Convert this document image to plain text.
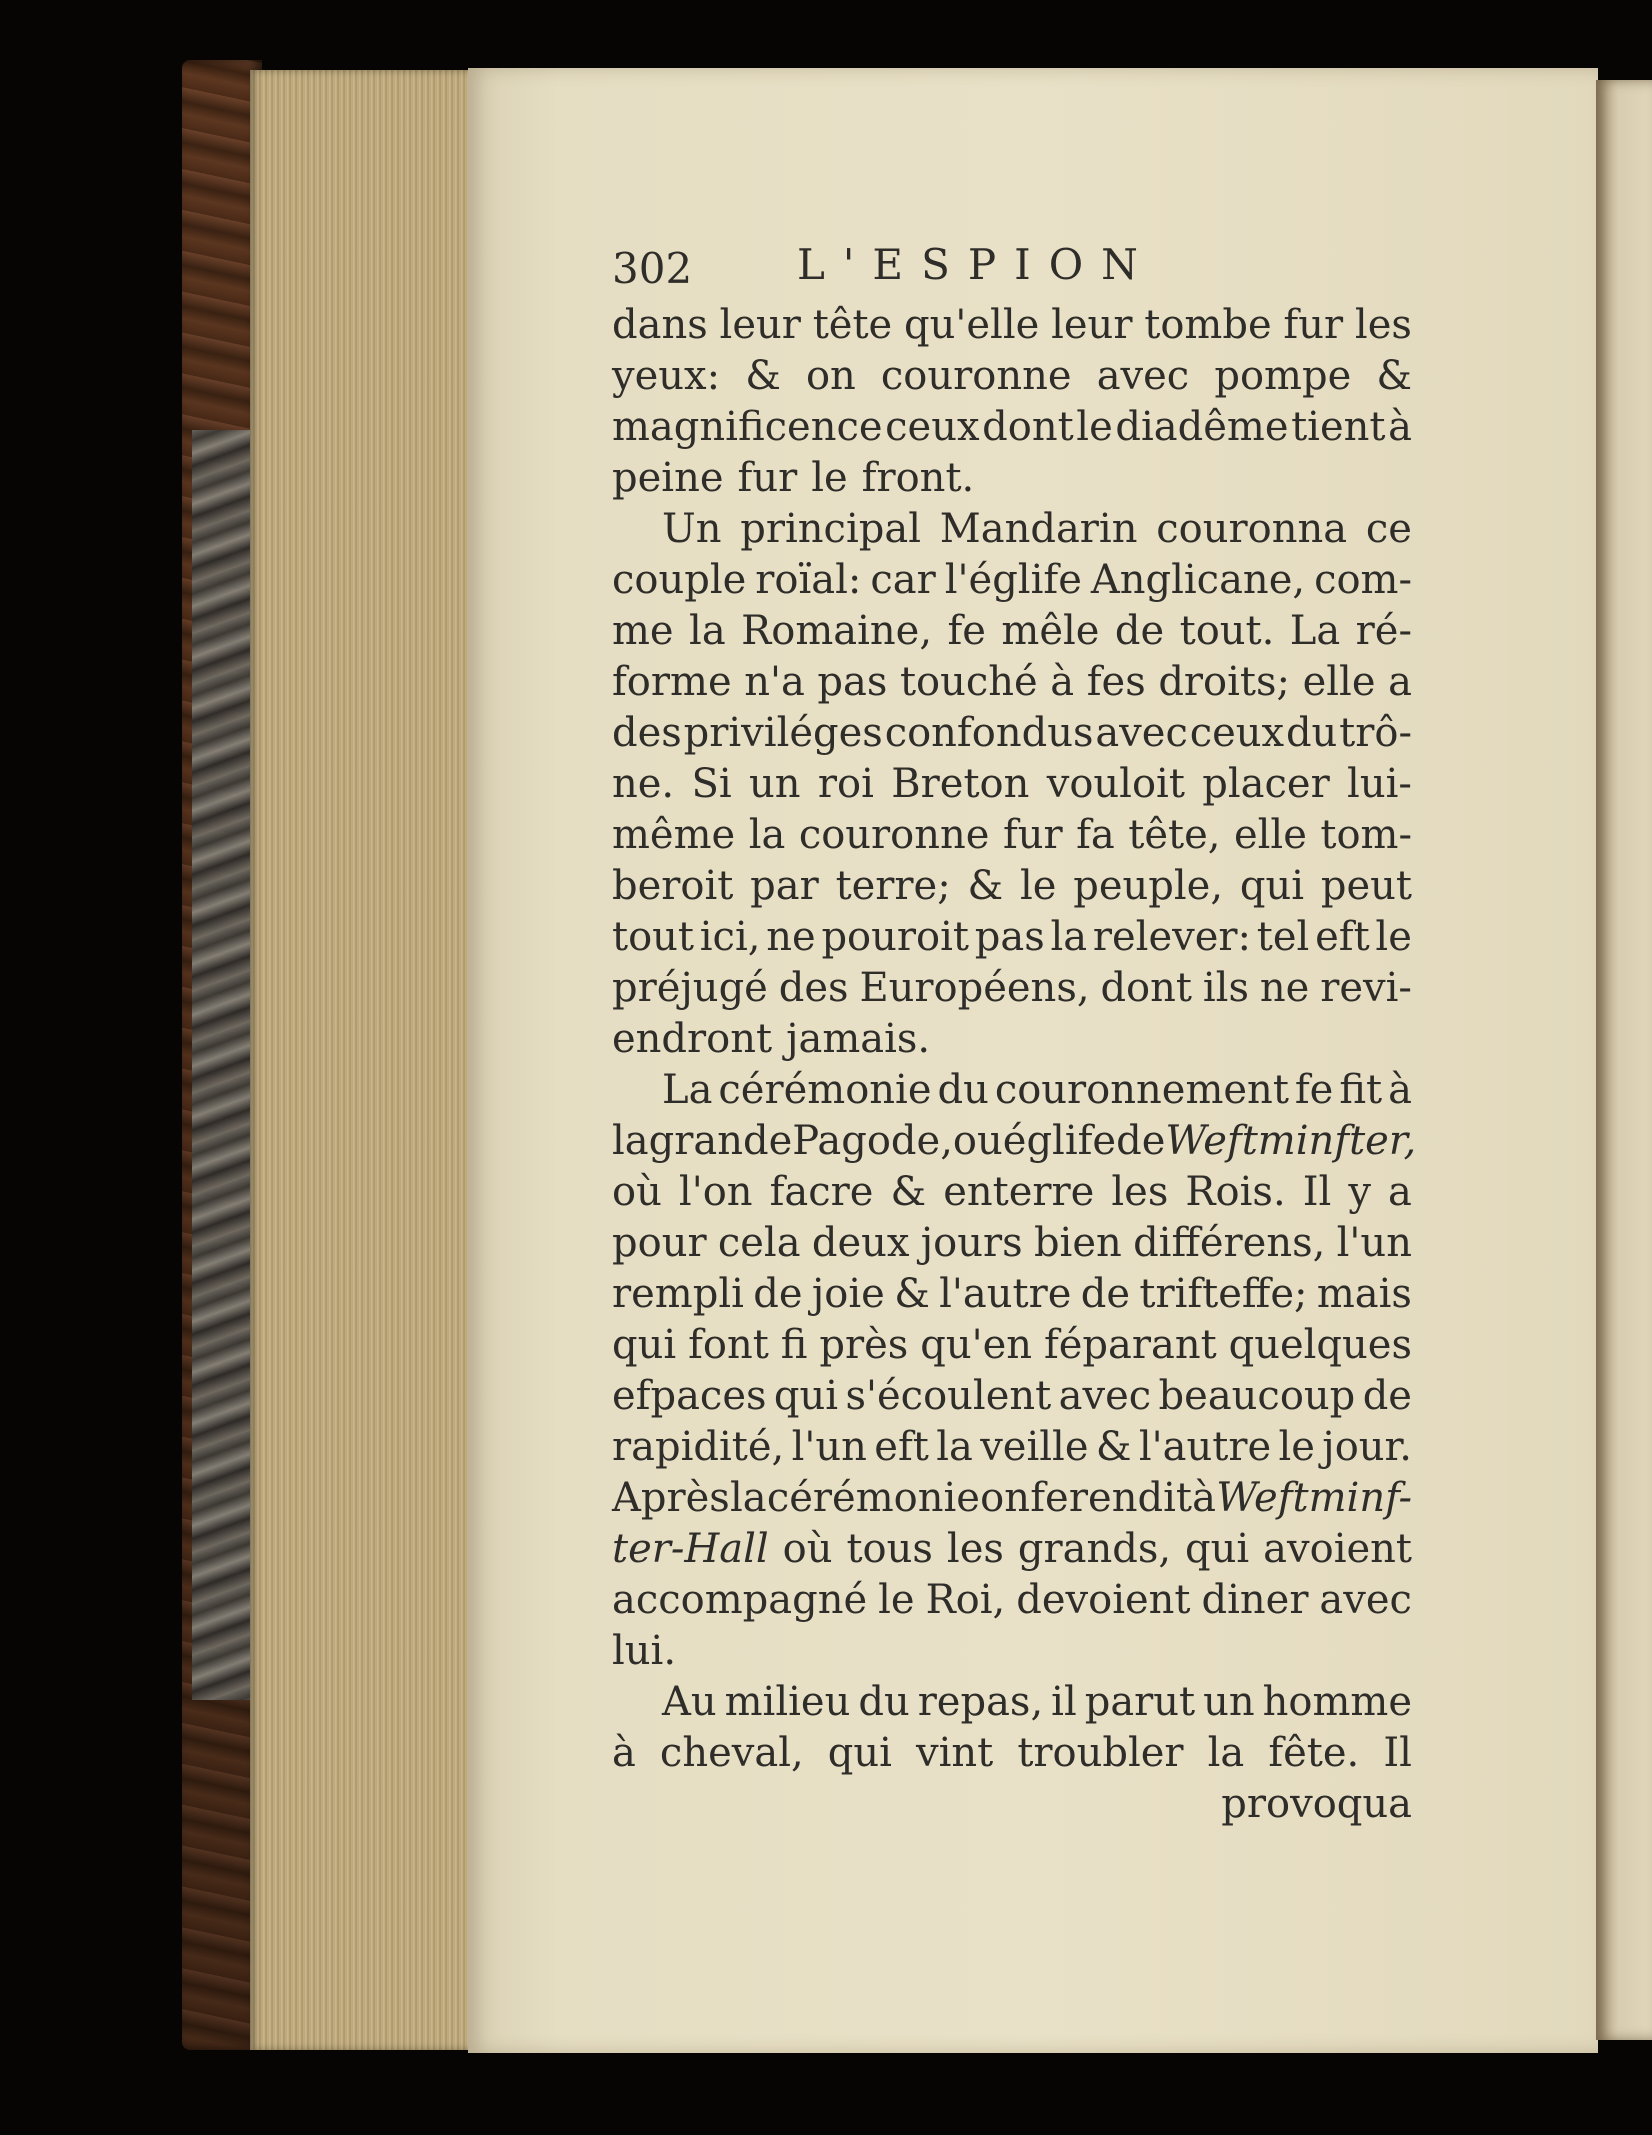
302 L'ESPION
dans leur tête qu'elle leur tombe fur les
yeux: & on couronne avec pompe &
magnificence ceux dont le diadême tient à
peine fur le front.
Un principal Mandarin couronna ce
couple roïal: car l'églife Anglicane, com-
me la Romaine, fe mêle de tout. La ré-
forme n'a pas touché à fes droits; elle a
des priviléges confondus avec ceux du trô-
ne. Si un roi Breton vouloit placer lui-
même la couronne fur fa tête, elle tom-
beroit par terre; & le peuple, qui peut
tout ici, ne pouroit pas la relever: tel eft le
préjugé des Européens, dont ils ne revi-
endront jamais.
La cérémonie du couronnement fe fit à
la grande Pagode, ou églife de Weftminfter,
où l'on facre & enterre les Rois. Il y a
pour cela deux jours bien différens, l'un
rempli de joie & l'autre de trifteffe; mais
qui font fi près qu'en féparant quelques
efpaces qui s'écoulent avec beaucoup de
rapidité, l'un eft la veille & l'autre le jour.
Après la cérémonie on fe rendit à Weftminf-
ter-Hall où tous les grands, qui avoient
accompagné le Roi, devoient diner avec
lui.
Au milieu du repas, il parut un homme
à cheval, qui vint troubler la fête. Il
provoqua
